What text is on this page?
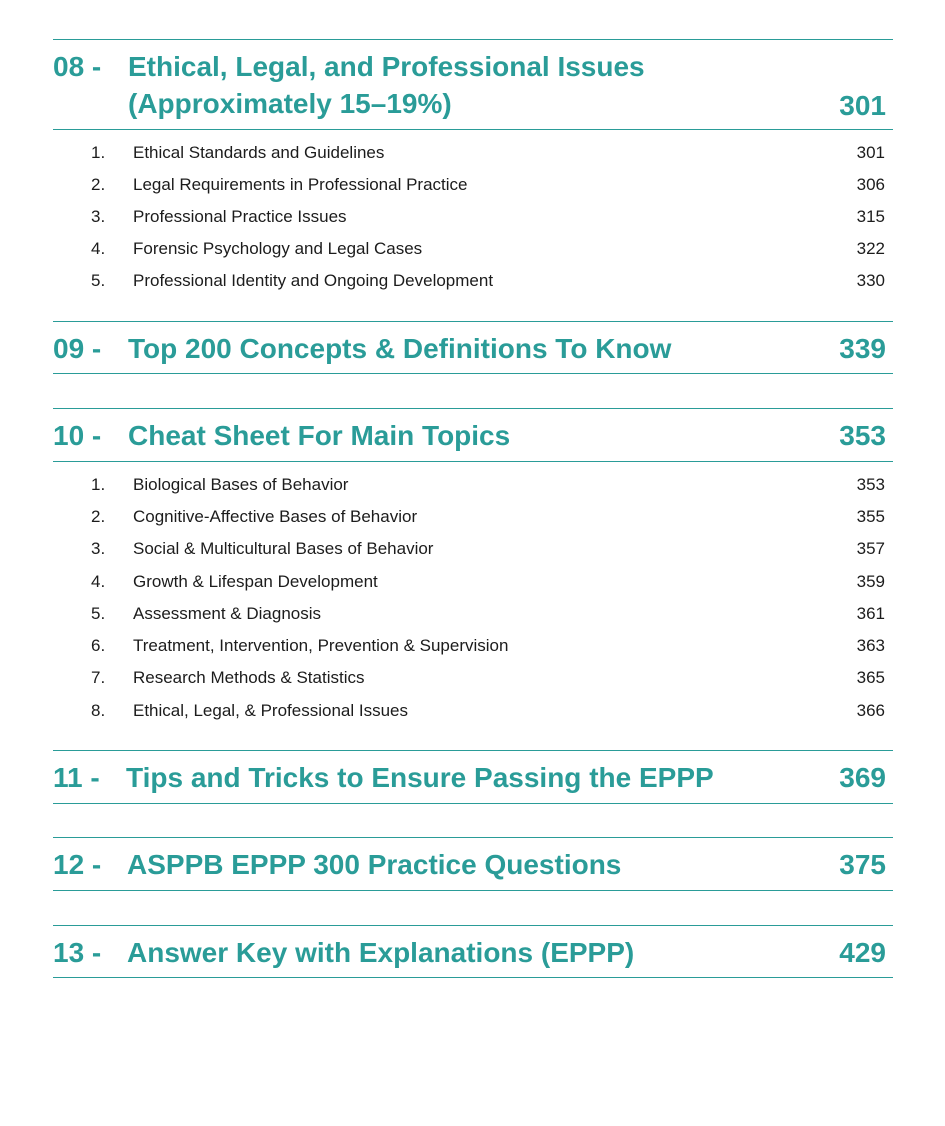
08 - Ethical, Legal, and Professional Issues
(Approximately 15–19%)	301
1. Ethical Standards and Guidelines	301
2. Legal Requirements in Professional Practice	306
3. Professional Practice Issues	315
4. Forensic Psychology and Legal Cases	322
5. Professional Identity and Ongoing Development	330
09 - Top 200 Concepts & Definitions To Know	339
10 - Cheat Sheet For Main Topics	353
1. Biological Bases of Behavior	353
2. Cognitive-Affective Bases of Behavior	355
3. Social & Multicultural Bases of Behavior	357
4. Growth & Lifespan Development	359
5. Assessment & Diagnosis	361
6. Treatment, Intervention, Prevention & Supervision	363
7. Research Methods & Statistics	365
8. Ethical, Legal, & Professional Issues	366
11 - Tips and Tricks to Ensure Passing the EPPP	369
12 - ASPPB EPPP 300 Practice Questions	375
13 - Answer Key with Explanations (EPPP)	429
